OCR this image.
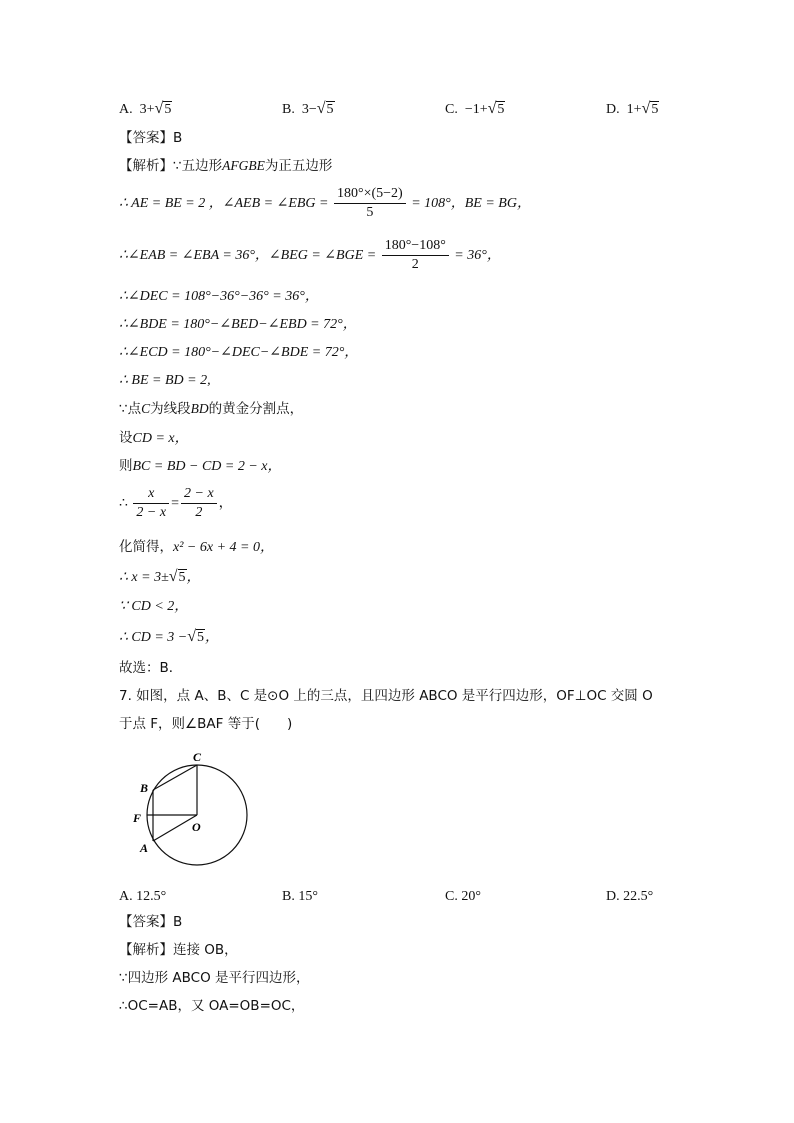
A. 3+√5	B. 3−√5	C. −1+√5	D. 1+√5
【答案】B
【解析】∵五边形AFGBE为正五边形
∴ AE = BE = 2 ，∠AEB = ∠EBG = $\frac{180^\circ\times(5-2)}{5} = 108^\circ$，BE = BG，
∴∠EAB = ∠EBA = 36°，∠BEG = ∠BGE = $\frac{180^\circ-108^\circ}{2} = 36^\circ$，
∴∠DEC = 108°−36°−36° = 36°，
∴∠BDE = 180°−∠BED−∠EBD = 72°，
∴∠ECD = 180°−∠DEC−∠BDE = 72°，
∴ BE = BD = 2,
∵点C为线段BD的黄金分割点，
设CD = x，
则BC = BD − CD = 2 − x，
∴ $\frac{x}{2 - x} = \frac{2 - x}{2}$ ，
化简得，x² − 6x + 4 = 0，
∴ x = 3±√5，
∵ CD < 2，
∴ CD = 3 −√5，
故选：B．
7. 如图，点 A、B、C 是⊙O 上的三点，且四边形 ABCO 是平行四边形，OF⊥OC 交圆 O
于点 F，则∠BAF 等于(　　)
C
B
F
O
A
A. 12.5°	B. 15°	C. 20°	D. 22.5°
【答案】B
【解析】连接 OB，
∵四边形 ABCO 是平行四边形，
∴OC=AB，又 OA=OB=OC，
